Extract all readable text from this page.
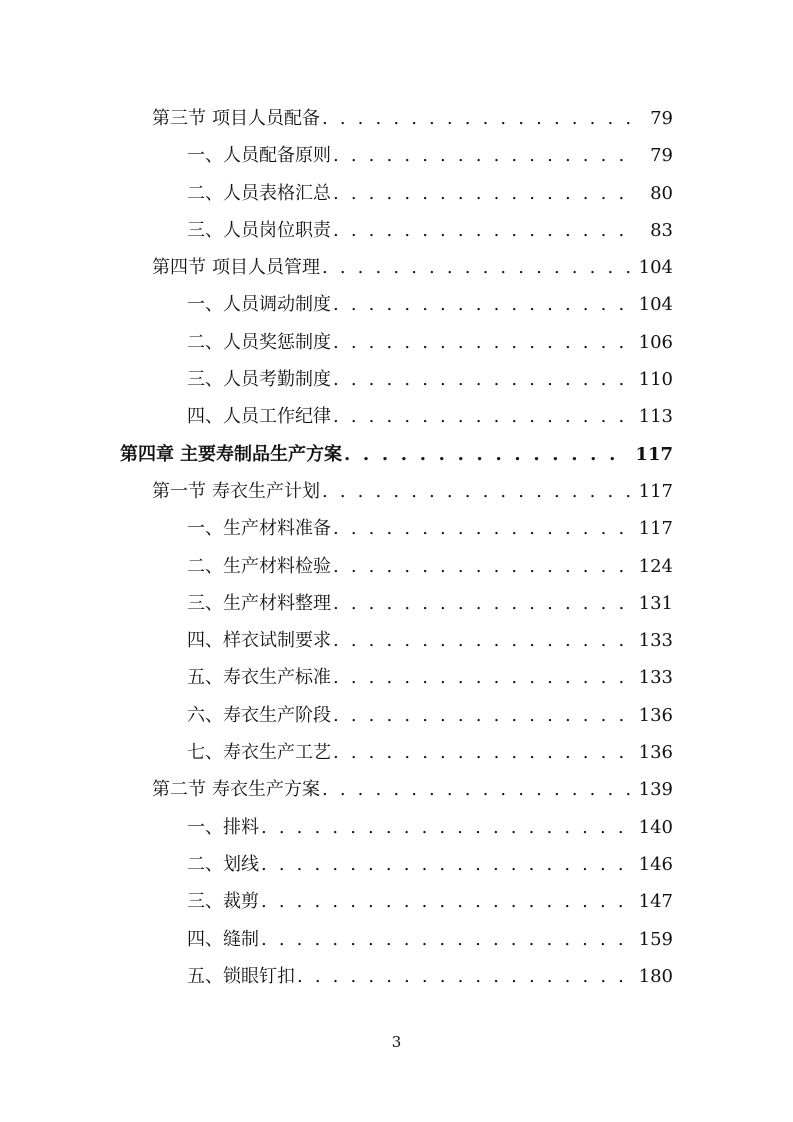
第三节 项目人员配备 . . .	79
一、人员配备原则 . . .	79
二、人员表格汇总 . . .	80
三、人员岗位职责 . . .	83
第四节 项目人员管理 . . .	104
一、人员调动制度 . . .	104
二、人员奖惩制度 . . .	106
三、人员考勤制度 . . .	110
四、人员工作纪律 . . .	113
第四章 主要寿制品生产方案 . . .	117
第一节 寿衣生产计划 . . .	117
一、生产材料准备 . . .	117
二、生产材料检验 . . .	124
三、生产材料整理 . . .	131
四、样衣试制要求 . . .	133
五、寿衣生产标准 . . .	133
六、寿衣生产阶段 . . .	136
七、寿衣生产工艺 . . .	136
第二节 寿衣生产方案 . . .	139
一、排料 . . .	140
二、划线 . . .	146
三、裁剪 . . .	147
四、缝制 . . .	159
五、锁眼钉扣 . . .	180
3
